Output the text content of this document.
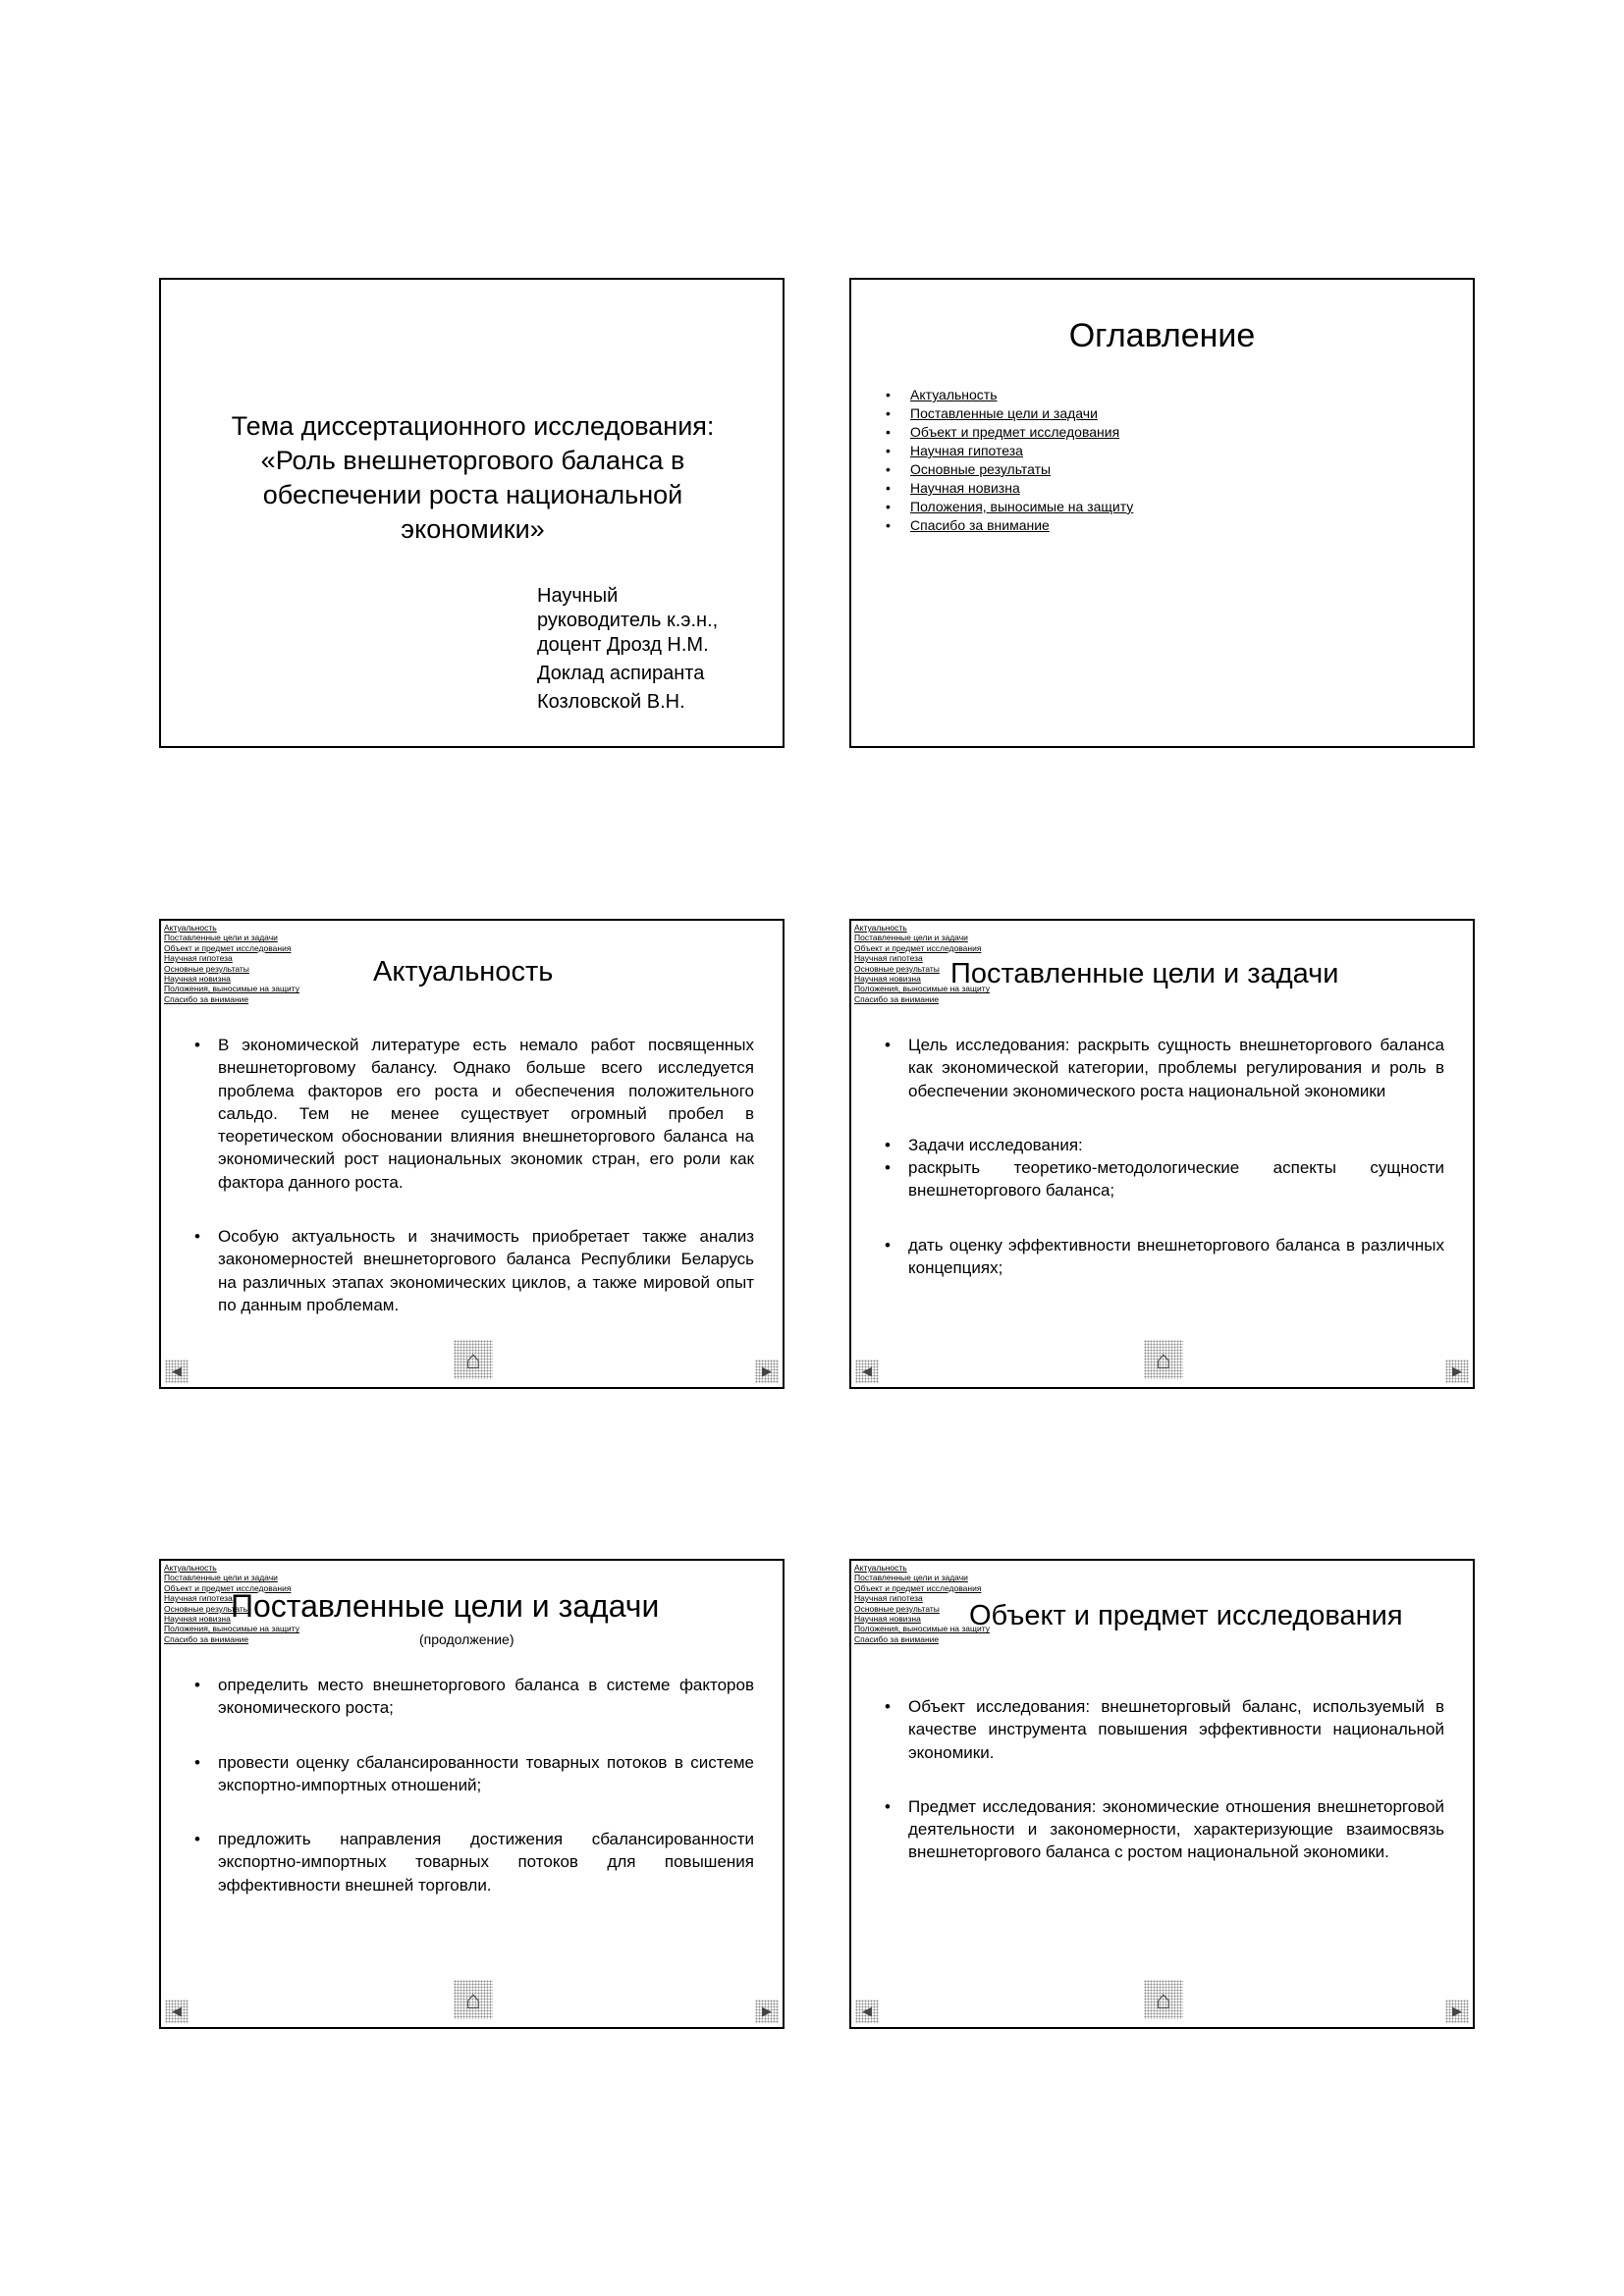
Тема диссертационного исследования: «Роль внешнеторгового баланса в обеспечении роста национальной экономики»
Научный
руководитель к.э.н.,
доцент Дрозд Н.М.
Доклад аспиранта
Козловской В.Н.
Оглавление
• Актуальность
• Поставленные цели и задачи
• Объект и предмет исследования
• Научная гипотеза
• Основные результаты
• Научная новизна
• Положения, выносимые на защиту
• Спасибо за внимание
Актуальность
Поставленные цели и задачи
Объект и предмет исследования
Научная гипотеза
Основные результаты
Научная новизна
Положения, выносимые на защиту
Спасибо за внимание
Актуальность
• В экономической литературе есть немало работ посвященных внешнеторговому балансу. Однако больше всего исследуется проблема факторов его роста и обеспечения положительного сальдо. Тем не менее существует огромный пробел в теоретическом обосновании влияния внешнеторгового баланса на экономический рост национальных экономик стран, его роли как фактора данного роста.
• Особую актуальность и значимость приобретает также анализ закономерностей внешнеторгового баланса Республики Беларусь на различных этапах экономических циклов, а также мировой опыт по данным проблемам.
◀	⌂	▶
Актуальность
Поставленные цели и задачи
Объект и предмет исследования
Научная гипотеза
Основные результаты
Научная новизна
Положения, выносимые на защиту
Спасибо за внимание
Поставленные цели и задачи
• Цель исследования: раскрыть сущность внешнеторгового баланса как экономической категории, проблемы регулирования и роль в обеспечении экономического роста национальной экономики
• Задачи исследования:
• раскрыть теоретико-методологические аспекты сущности внешнеторгового баланса;
• дать оценку эффективности внешнеторгового баланса в различных концепциях;
◀	⌂	▶
Актуальность
Поставленные цели и задачи
Объект и предмет исследования
Научная гипотеза
Основные результаты
Научная новизна
Положения, выносимые на защиту
Спасибо за внимание
Поставленные цели и задачи
(продолжение)
• определить место внешнеторгового баланса в системе факторов экономического роста;
• провести оценку сбалансированности товарных потоков в системе экспортно-импортных отношений;
• предложить направления достижения сбалансированности экспортно-импортных товарных потоков для повышения эффективности внешней торговли.
◀	⌂	▶
Актуальность
Поставленные цели и задачи
Объект и предмет исследования
Научная гипотеза
Основные результаты
Научная новизна
Положения, выносимые на защиту
Спасибо за внимание
Объект и предмет исследования
• Объект исследования: внешнеторговый баланс, используемый в качестве инструмента повышения эффективности национальной экономики.
• Предмет исследования: экономические отношения внешнеторговой деятельности и закономерности, характеризующие взаимосвязь внешнеторгового баланса с ростом национальной экономики.
◀	⌂	▶
